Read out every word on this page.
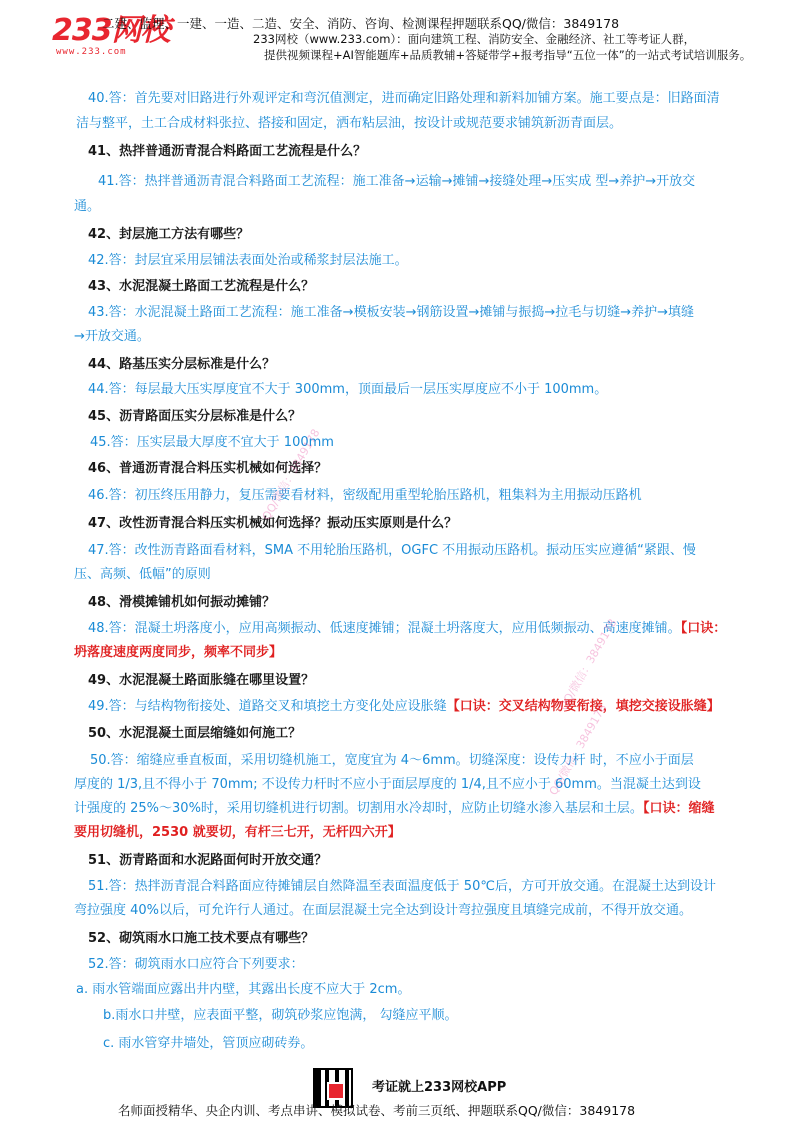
233网校
www.233.com
二建、监理、一建、一造、二造、安全、消防、咨询、检测课程押题联系QQ/微信：3849178
233网校（www.233.com）：面向建筑工程、消防安全、金融经济、社工等考证人群，
提供视频课程+AI智能题库+品质教辅+答疑带学+报考指导“五位一体”的一站式考试培训服务。
40.答：首先要对旧路进行外观评定和弯沉值测定，进而确定旧路处理和新料加铺方案。施工要点是：旧路面清
洁与整平，土工合成材料张拉、搭接和固定，洒布粘层油，按设计或规范要求铺筑新沥青面层。
41、热拌普通沥青混合料路面工艺流程是什么？
41.答：热拌普通沥青混合料路面工艺流程：施工准备→运输→摊铺→接缝处理→压实成 型→养护→开放交
通。
42、封层施工方法有哪些？
42.答：封层宜采用层铺法表面处治或稀浆封层法施工。
43、水泥混凝土路面工艺流程是什么？
43.答：水泥混凝土路面工艺流程：施工准备→模板安装→钢筋设置→摊铺与振捣→拉毛与切缝→养护→填缝
→开放交通。
44、路基压实分层标准是什么？
44.答：每层最大压实厚度宜不大于 300mm，顶面最后一层压实厚度应不小于 100mm。
45、沥青路面压实分层标准是什么？
45.答：压实层最大厚度不宜大于 100mm
46、普通沥青混合料压实机械如何选择？
46.答：初压终压用静力，复压需要看材料，密级配用重型轮胎压路机，粗集料为主用振动压路机
47、改性沥青混合料压实机械如何选择？振动压实原则是什么？
47.答：改性沥青路面看材料，SMA 不用轮胎压路机，OGFC 不用振动压路机。振动压实应遵循“紧跟、慢
压、高频、低幅”的原则
48、滑模摊铺机如何振动摊铺？
48.答：混凝土坍落度小，应用高频振动、低速度摊铺；混凝土坍落度大，应用低频振动、高速度摊铺。【口诀：
坍落度速度两度同步，频率不同步】
49、水泥混凝土路面胀缝在哪里设置？
49.答：与结构物衔接处、道路交叉和填挖土方变化处应设胀缝【口诀：交叉结构物要衔接，填挖交接设胀缝】
50、水泥混凝土面层缩缝如何施工？
50.答：缩缝应垂直板面，采用切缝机施工，宽度宜为 4～6mm。切缝深度：设传力杆 时，不应小于面层
厚度的 1/3,且不得小于 70mm; 不设传力杆时不应小于面层厚度的 1/4,且不应小于 60mm。当混凝土达到设
计强度的 25%～30%时，采用切缝机进行切割。切割用水冷却时，应防止切缝水渗入基层和土层。【口诀：缩缝
要用切缝机，2530 就要切，有杆三七开，无杆四六开】
51、沥青路面和水泥路面何时开放交通？
51.答：热拌沥青混合料路面应待摊铺层自然降温至表面温度低于 50℃后，方可开放交通。在混凝土达到设计
弯拉强度 40%以后，可允许行人通过。在面层混凝土完全达到设计弯拉强度且填缝完成前，不得开放交通。
52、砌筑雨水口施工技术要点有哪些？
52.答：砌筑雨水口应符合下列要求：
a. 雨水管端面应露出井内壁，其露出长度不应大于 2cm。
b.雨水口井壁，应表面平整，砌筑砂浆应饱满， 勾缝应平顺。
c. 雨水管穿井墙处，管顶应砌砖券。
QQ/微信：3849178
QQ/微信：3849178
QQ/微信：3849178
考证就上233网校APP
名师面授精华、央企内训、考点串讲、模拟试卷、考前三页纸、押题联系QQ/微信：3849178
